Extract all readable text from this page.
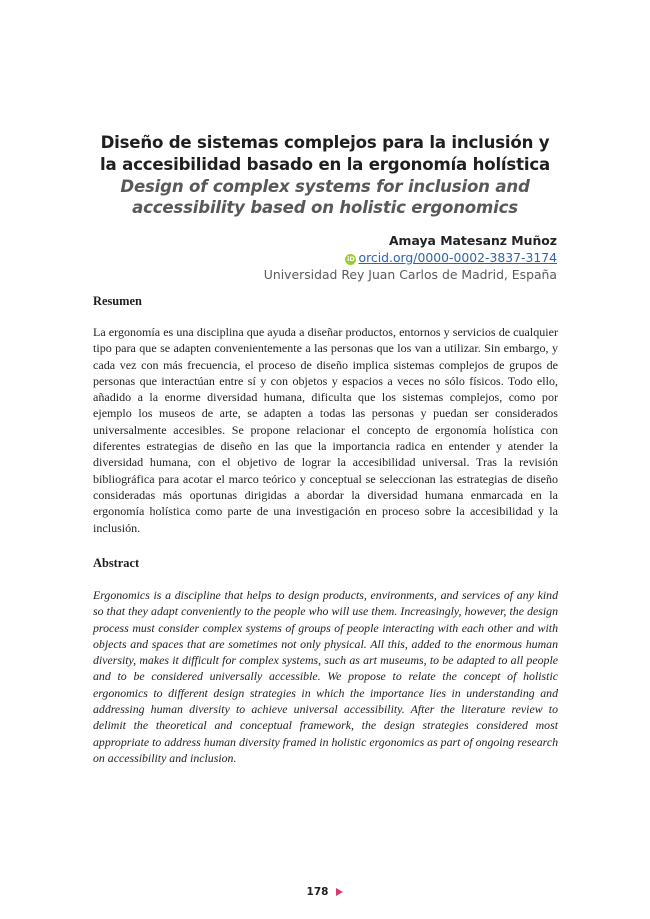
Diseño de sistemas complejos para la inclusión y
la accesibilidad basado en la ergonomía holística

Design of complex systems for inclusion and
accessibility based on holistic ergonomics

Amaya Matesanz Muñoz

iD orcid.org/0000-0002-3837-3174

Universidad Rey Juan Carlos de Madrid, España

Resumen

La ergonomía es una disciplina que ayuda a diseñar productos, entornos y servicios de cualquier tipo para que se adapten convenientemente a las personas que los van a utilizar. Sin embargo, y cada vez con más frecuencia, el proceso de diseño implica sistemas complejos de grupos de personas que interactúan entre sí y con objetos y espacios a veces no sólo físicos. Todo ello, añadido a la enorme diversidad humana, dificulta que los sistemas complejos, como por ejemplo los museos de arte, se adapten a todas las personas y puedan ser considerados universalmente accesibles. Se propone relacionar el concepto de ergonomía holística con diferentes estrategias de diseño en las que la importancia radica en entender y atender la diversidad humana, con el objetivo de lograr la accesibilidad universal. Tras la revisión bibliográfica para acotar el marco teórico y conceptual se seleccionan las estrategias de diseño consideradas más oportunas dirigidas a abordar la diversidad humana enmarcada en la ergonomía holística como parte de una investigación en proceso sobre la accesibilidad y la inclusión.

Abstract

Ergonomics is a discipline that helps to design products, environments, and services of any kind so that they adapt conveniently to the people who will use them. Increasingly, however, the design process must consider complex systems of groups of people interacting with each other and with objects and spaces that are sometimes not only physical. All this, added to the enormous human diversity, makes it difficult for complex systems, such as art museums, to be adapted to all people and to be considered universally accessible. We propose to relate the concept of holistic ergonomics to different design strategies in which the importance lies in understanding and addressing human diversity to achieve universal accessibility. After the literature review to delimit the theoretical and conceptual framework, the design strategies considered most appropriate to address human diversity framed in holistic ergonomics as part of ongoing research on accessibility and inclusion.

178
